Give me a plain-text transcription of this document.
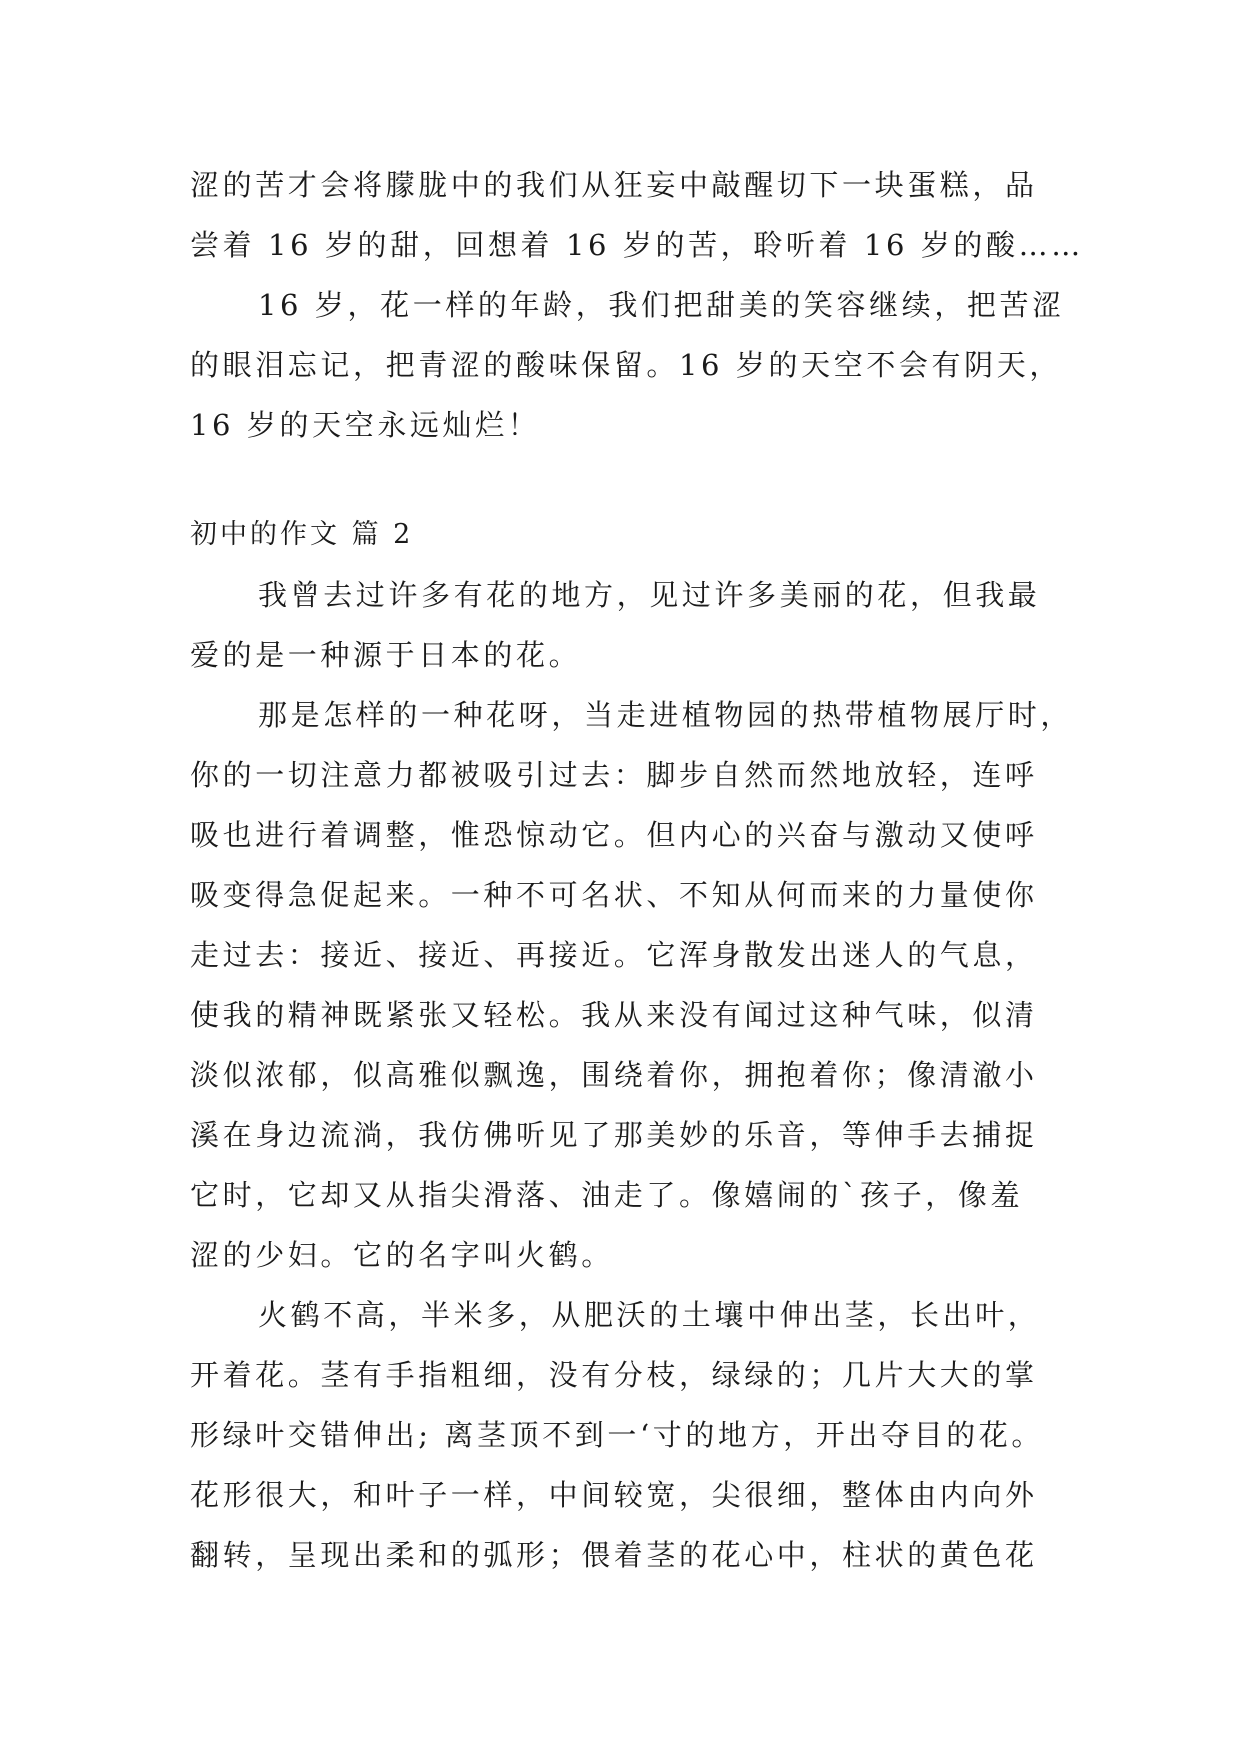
涩的苦才会将朦胧中的我们从狂妄中敲醒切下一块蛋糕，品
尝着 16 岁的甜，回想着 16 岁的苦，聆听着 16 岁的酸……
16 岁，花一样的年龄，我们把甜美的笑容继续，把苦涩
的眼泪忘记，把青涩的酸味保留。16 岁的天空不会有阴天，
16 岁的天空永远灿烂！
初中的作文 篇 2
我曾去过许多有花的地方，见过许多美丽的花，但我最
爱的是一种源于日本的花。
那是怎样的一种花呀，当走进植物园的热带植物展厅时，
你的一切注意力都被吸引过去：脚步自然而然地放轻，连呼
吸也进行着调整，惟恐惊动它。但内心的兴奋与激动又使呼
吸变得急促起来。一种不可名状、不知从何而来的力量使你
走过去：接近、接近、再接近。它浑身散发出迷人的气息，
使我的精神既紧张又轻松。我从来没有闻过这种气味，似清
淡似浓郁，似高雅似飘逸，围绕着你，拥抱着你；像清澈小
溪在身边流淌，我仿佛听见了那美妙的乐音，等伸手去捕捉
它时，它却又从指尖滑落、油走了。像嬉闹的`孩子，像羞
涩的少妇。它的名字叫火鹤。
火鹤不高，半米多，从肥沃的土壤中伸出茎，长出叶，
开着花。茎有手指粗细，没有分枝，绿绿的；几片大大的掌
形绿叶交错伸出; 离茎顶不到一‘寸的地方，开出夺目的花。
花形很大，和叶子一样，中间较宽，尖很细，整体由内向外
翻转，呈现出柔和的弧形；偎着茎的花心中，柱状的黄色花
